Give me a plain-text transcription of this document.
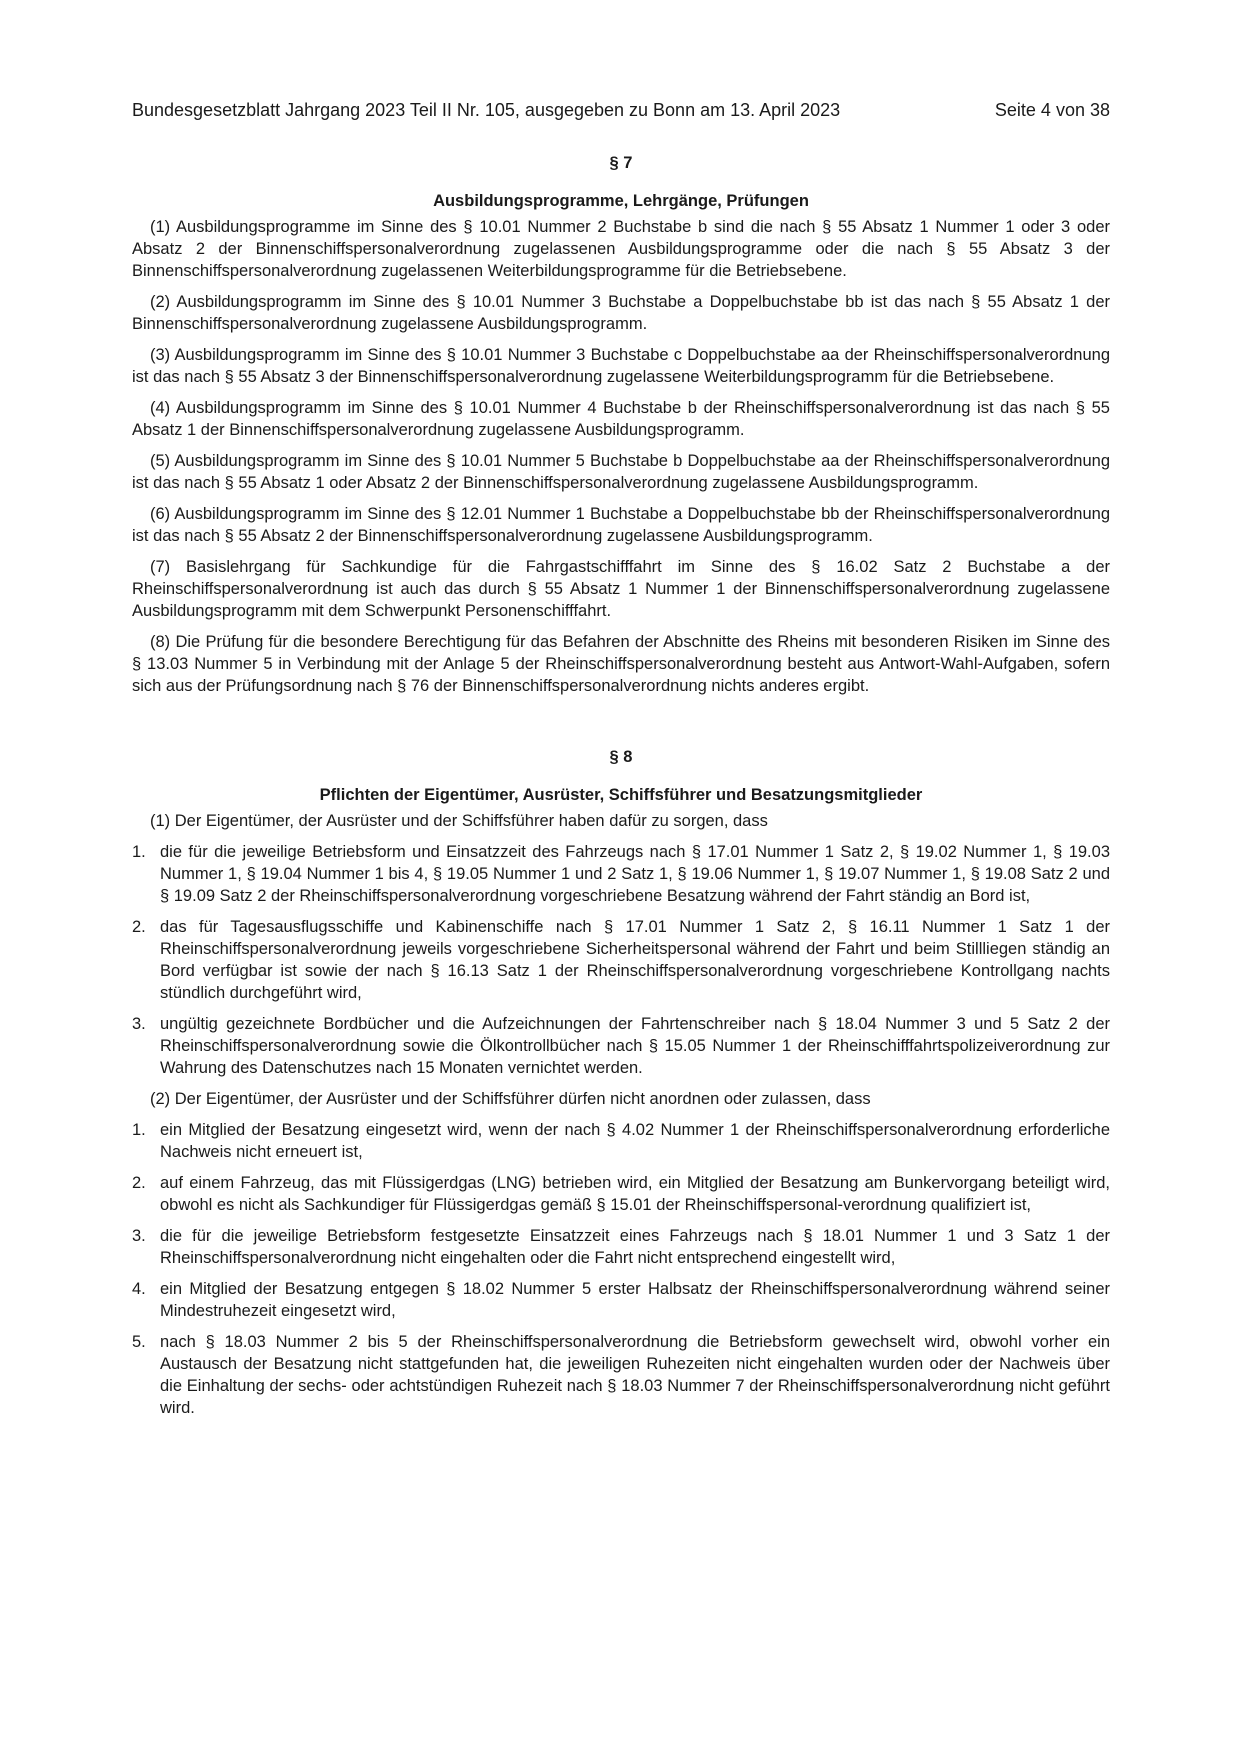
Bundesgesetzblatt Jahrgang 2023 Teil II Nr. 105, ausgegeben zu Bonn am 13. April 2023	Seite 4 von 38
§ 7
Ausbildungsprogramme, Lehrgänge, Prüfungen

(1) Ausbildungsprogramme im Sinne des § 10.01 Nummer 2 Buchstabe b sind die nach § 55 Absatz 1 Nummer 1 oder 3 oder Absatz 2 der Binnenschiffspersonalverordnung zugelassenen Ausbildungsprogramme oder die nach § 55 Absatz 3 der Binnenschiffspersonalverordnung zugelassenen Weiterbildungsprogramme für die Betriebsebene.

(2) Ausbildungsprogramm im Sinne des § 10.01 Nummer 3 Buchstabe a Doppelbuchstabe bb ist das nach § 55 Absatz 1 der Binnenschiffspersonalverordnung zugelassene Ausbildungsprogramm.

(3) Ausbildungsprogramm im Sinne des § 10.01 Nummer 3 Buchstabe c Doppelbuchstabe aa der Rheinschiffspersonalverordnung ist das nach § 55 Absatz 3 der Binnenschiffspersonalverordnung zugelassene Weiterbildungsprogramm für die Betriebsebene.

(4) Ausbildungsprogramm im Sinne des § 10.01 Nummer 4 Buchstabe b der Rheinschiffspersonalverordnung ist das nach § 55 Absatz 1 der Binnenschiffspersonalverordnung zugelassene Ausbildungsprogramm.

(5) Ausbildungsprogramm im Sinne des § 10.01 Nummer 5 Buchstabe b Doppelbuchstabe aa der Rheinschiffspersonalverordnung ist das nach § 55 Absatz 1 oder Absatz 2 der Binnenschiffspersonalverordnung zugelassene Ausbildungsprogramm.

(6) Ausbildungsprogramm im Sinne des § 12.01 Nummer 1 Buchstabe a Doppelbuchstabe bb der Rheinschiffspersonalverordnung ist das nach § 55 Absatz 2 der Binnenschiffspersonalverordnung zugelassene Ausbildungsprogramm.

(7) Basislehrgang für Sachkundige für die Fahrgastschifffahrt im Sinne des § 16.02 Satz 2 Buchstabe a der Rheinschiffspersonalverordnung ist auch das durch § 55 Absatz 1 Nummer 1 der Binnenschiffspersonalverordnung zugelassene Ausbildungsprogramm mit dem Schwerpunkt Personenschifffahrt.

(8) Die Prüfung für die besondere Berechtigung für das Befahren der Abschnitte des Rheins mit besonderen Risiken im Sinne des § 13.03 Nummer 5 in Verbindung mit der Anlage 5 der Rheinschiffspersonalverordnung besteht aus Antwort-Wahl-Aufgaben, sofern sich aus der Prüfungsordnung nach § 76 der Binnenschiffspersonalverordnung nichts anderes ergibt.

§ 8
Pflichten der Eigentümer, Ausrüster, Schiffsführer und Besatzungsmitglieder

(1) Der Eigentümer, der Ausrüster und der Schiffsführer haben dafür zu sorgen, dass

1. die für die jeweilige Betriebsform und Einsatzzeit des Fahrzeugs nach § 17.01 Nummer 1 Satz 2, § 19.02 Nummer 1, § 19.03 Nummer 1, § 19.04 Nummer 1 bis 4, § 19.05 Nummer 1 und 2 Satz 1, § 19.06 Nummer 1, § 19.07 Nummer 1, § 19.08 Satz 2 und § 19.09 Satz 2 der Rheinschiffspersonalverordnung vorgeschriebene Besatzung während der Fahrt ständig an Bord ist,
2. das für Tagesausflugsschiffe und Kabinenschiffe nach § 17.01 Nummer 1 Satz 2, § 16.11 Nummer 1 Satz 1 der Rheinschiffspersonalverordnung jeweils vorgeschriebene Sicherheitspersonal während der Fahrt und beim Stillliegen ständig an Bord verfügbar ist sowie der nach § 16.13 Satz 1 der Rheinschiffspersonalverordnung vorgeschriebene Kontrollgang nachts stündlich durchgeführt wird,
3. ungültig gezeichnete Bordbücher und die Aufzeichnungen der Fahrtenschreiber nach § 18.04 Nummer 3 und 5 Satz 2 der Rheinschiffspersonalverordnung sowie die Ölkontrollbücher nach § 15.05 Nummer 1 der Rheinschifffahrtspolizeiverordnung zur Wahrung des Datenschutzes nach 15 Monaten vernichtet werden.

(2) Der Eigentümer, der Ausrüster und der Schiffsführer dürfen nicht anordnen oder zulassen, dass

1. ein Mitglied der Besatzung eingesetzt wird, wenn der nach § 4.02 Nummer 1 der Rheinschiffspersonalverordnung erforderliche Nachweis nicht erneuert ist,
2. auf einem Fahrzeug, das mit Flüssigerdgas (LNG) betrieben wird, ein Mitglied der Besatzung am Bunkervorgang beteiligt wird, obwohl es nicht als Sachkundiger für Flüssigerdgas gemäß § 15.01 der Rheinschiffspersonal-verordnung qualifiziert ist,
3. die für die jeweilige Betriebsform festgesetzte Einsatzzeit eines Fahrzeugs nach § 18.01 Nummer 1 und 3 Satz 1 der Rheinschiffspersonalverordnung nicht eingehalten oder die Fahrt nicht entsprechend eingestellt wird,
4. ein Mitglied der Besatzung entgegen § 18.02 Nummer 5 erster Halbsatz der Rheinschiffspersonalverordnung während seiner Mindestruhezeit eingesetzt wird,
5. nach § 18.03 Nummer 2 bis 5 der Rheinschiffspersonalverordnung die Betriebsform gewechselt wird, obwohl vorher ein Austausch der Besatzung nicht stattgefunden hat, die jeweiligen Ruhezeiten nicht eingehalten wurden oder der Nachweis über die Einhaltung der sechs- oder achtstündigen Ruhezeit nach § 18.03 Nummer 7 der Rheinschiffspersonalverordnung nicht geführt wird.
